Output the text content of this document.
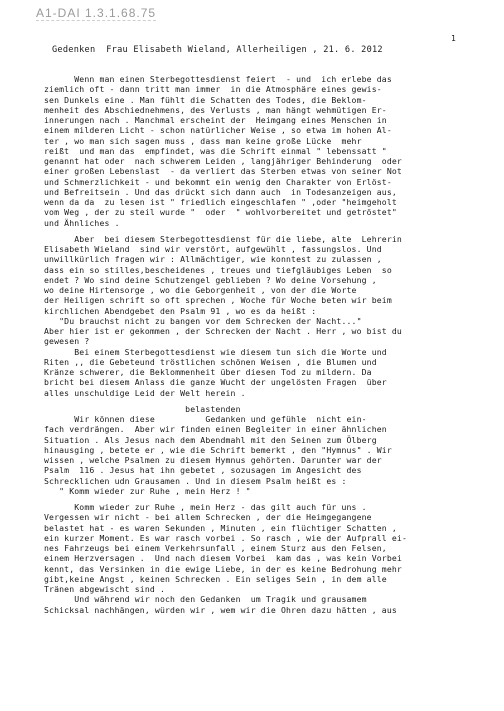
A1-DAI 1.3.1.68.75
1
Gedenken  Frau Elisabeth Wieland, Allerheiligen , 21. 6. 2012
Wenn man einen Sterbegottesdienst feiert  - und  ich erlebe das
ziemlich oft - dann tritt man immer  in die Atmosphäre eines gewis-
sen Dunkels eine . Man fühlt die Schatten des Todes, die Beklom-
menheit des Abschiednehmens, des Verlusts , man hängt wehmütigen Er-
innerungen nach . Manchmal erscheint der  Heimgang eines Menschen in
einem milderen Licht - schon natürlicher Weise , so etwa im hohen Al-
ter , wo man sich sagen muss , dass man keine große Lücke  mehr
reißt  und man das  empfindet, was die Schrift einmal " lebenssatt "
genannt hat oder  nach schwerem Leiden , langjähriger Behinderung  oder
einer großen Lebenslast  - da verliert das Sterben etwas von seiner Not
und Schmerzlichkeit - und bekommt ein wenig den Charakter von Erlöst-
und Befreitsein . Und das drückt sich dann auch  in Todesanzeigen aus,
wenn da da  zu lesen ist " friedlich eingeschlafen " ,oder "heimgeholt
vom Weg , der zu steil wurde "  oder  " wohlvorbereitet und getröstet"
und Ähnliches .
Aber  bei diesem Sterbegottesdienst für die liebe, alte  Lehrerin
Elisabeth Wieland  sind wir verstört, aufgewühlt , fassungslos. Und
unwillkürlich fragen wir : Allmächtiger, wie konntest zu zulassen ,
dass ein so stilles,bescheidenes , treues und tiefgläubiges Leben  so
endet ? Wo sind deine Schutzengel geblieben ? Wo deine Vorsehung ,
wo deine Hirtensorge , wo die Geborgenheit , von der die Worte
der Heiligen schrift so oft sprechen , Woche für Woche beten wir beim
kirchlichen Abendgebet den Psalm 91 , wo es da heißt :
"Du brauchst nicht zu bangen vor dem Schrecken der Nacht..."
Aber hier ist er gekommen , der Schrecken der Nacht . Herr , wo bist du
gewesen ?
Bei einem Sterbegottesdienst wie diesem tun sich die Worte und
Riten ,, die Gebeteund tröstlichen schönen Weisen , die Blumen und
Kränze schwerer, die Beklommenheit über diesen Tod zu mildern. Da
bricht bei diesem Anlass die ganze Wucht der ungelösten Fragen  über
alles unschuldige Leid der Welt herein .
belastenden
Wir können diese          Gedanken und gefühle  nicht ein-
fach verdrängen.  Aber wir finden einen Begleiter in einer ähnlichen
Situation . Als Jesus nach dem Abendmahl mit den Seinen zum Ölberg
hinausging , betete er , wie die Schrift bemerkt , den "Hymnus" . Wir
wissen , welche Psalmen zu diesem Hymnus gehörten. Darunter war der
Psalm  116 . Jesus hat ihn gebetet , sozusagen im Angesicht des
Schrecklichen udn Grausamen . Und in diesem Psalm heißt es :
" Komm wieder zur Ruhe , mein Herz ! "
Komm wieder zur Ruhe , mein Herz - das gilt auch für uns .
Vergessen wir nicht - bei allem Schrecken , der die Heimgegangene
belastet hat - es waren Sekunden , Minuten , ein flüchtiger Schatten ,
ein kurzer Moment. Es war rasch vorbei . So rasch , wie der Aufprall ei-
nes Fahrzeugs bei einem Verkehrsunfall , einem Sturz aus den Felsen,
einem Herzversagen .  Und nach diesem Vorbei  kam das , was kein Vorbei
kennt, das Versinken in die ewige Liebe, in der es keine Bedrohung mehr
gibt,keine Angst , keinen Schrecken . Ein seliges Sein , in dem alle
Tränen abgewischt sind .
Und während wir noch den Gedanken  um Tragik und grausamem
Schicksal nachhängen, würden wir , wem wir die Ohren dazu hätten , aus
